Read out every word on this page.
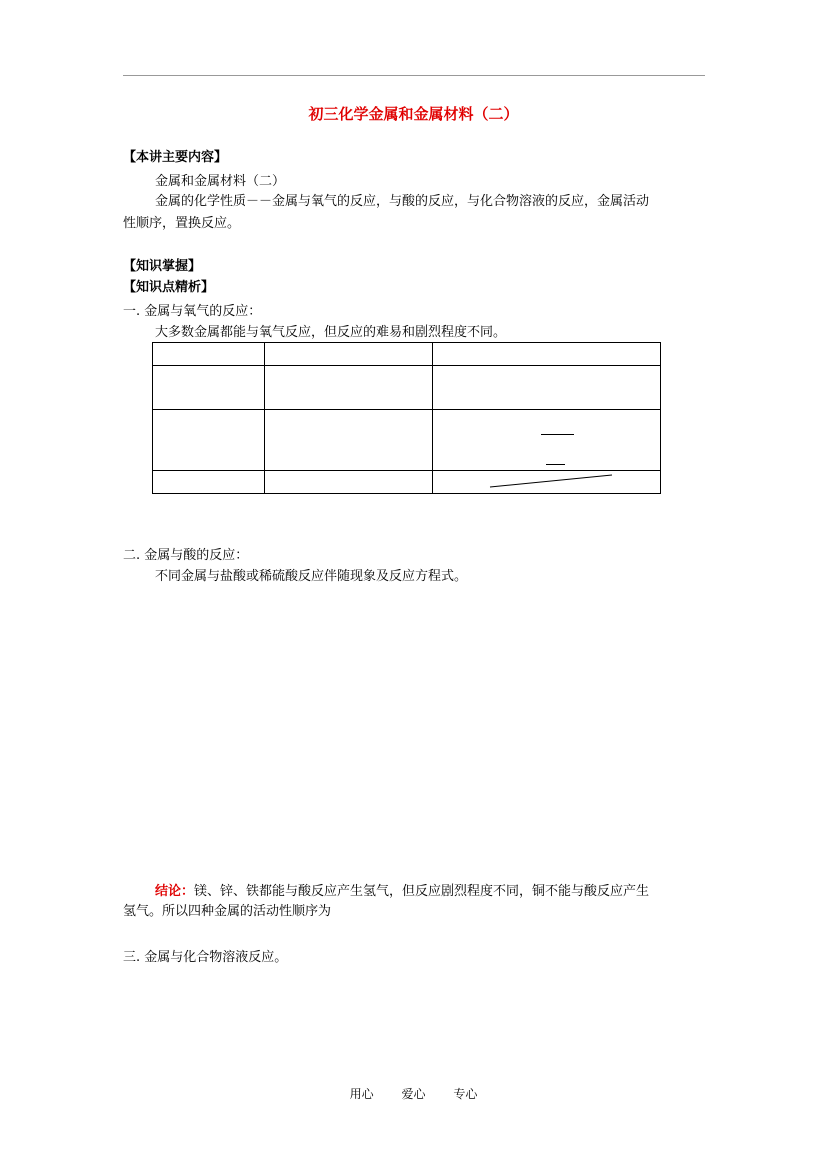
初三化学金属和金属材料（二）
【本讲主要内容】
金属和金属材料（二）
金属的化学性质－－金属与氧气的反应，与酸的反应，与化合物溶液的反应，金属活动
性顺序，置换反应。
【知识掌握】
【知识点精析】
一. 金属与氧气的反应：
大多数金属都能与氧气反应，但反应的难易和剧烈程度不同。

二. 金属与酸的反应：
不同金属与盐酸或稀硫酸反应伴随现象及反应方程式。
结论：镁、锌、铁都能与酸反应产生氢气，但反应剧烈程度不同，铜不能与酸反应产生
氢气。所以四种金属的活动性顺序为
三. 金属与化合物溶液反应。
用心 爱心 专心
